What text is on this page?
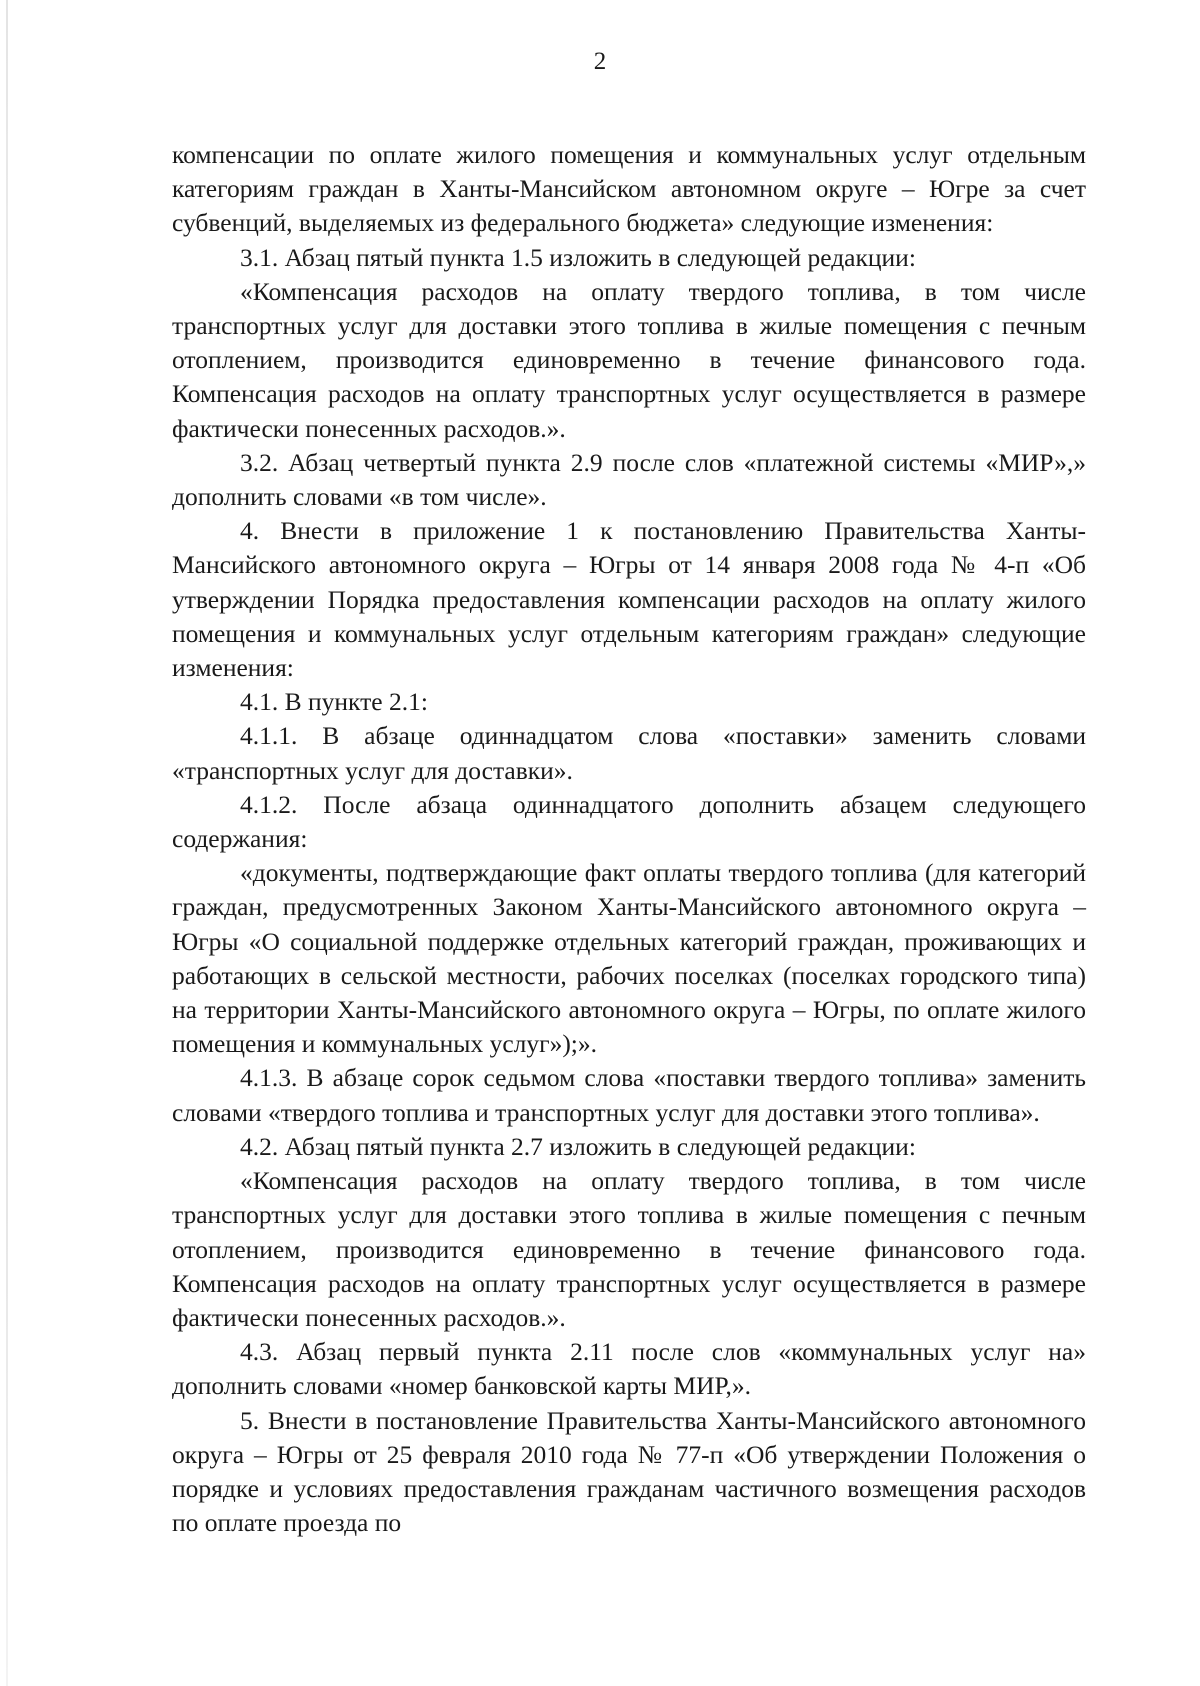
2

компенсации по оплате жилого помещения и коммунальных услуг отдельным категориям граждан в Ханты-Мансийском автономном округе – Югре за счет субвенций, выделяемых из федерального бюджета» следующие изменения:

3.1. Абзац пятый пункта 1.5 изложить в следующей редакции:

«Компенсация расходов на оплату твердого топлива, в том числе транспортных услуг для доставки этого топлива в жилые помещения с печным отоплением, производится единовременно в течение финансового года. Компенсация расходов на оплату транспортных услуг осуществляется в размере фактически понесенных расходов.».

3.2. Абзац четвертый пункта 2.9 после слов «платежной системы «МИР»,» дополнить словами «в том числе».

4. Внести в приложение 1 к постановлению Правительства Ханты-Мансийского автономного округа – Югры от 14 января 2008 года № 4-п «Об утверждении Порядка предоставления компенсации расходов на оплату жилого помещения и коммунальных услуг отдельным категориям граждан» следующие изменения:

4.1. В пункте 2.1:

4.1.1. В абзаце одиннадцатом слова «поставки» заменить словами «транспортных услуг для доставки».

4.1.2. После абзаца одиннадцатого дополнить абзацем следующего содержания:

«документы, подтверждающие факт оплаты твердого топлива (для категорий граждан, предусмотренных Законом Ханты-Мансийского автономного округа – Югры «О социальной поддержке отдельных категорий граждан, проживающих и работающих в сельской местности, рабочих поселках (поселках городского типа) на территории Ханты-Мансийского автономного округа – Югры, по оплате жилого помещения и коммунальных услуг»);».

4.1.3. В абзаце сорок седьмом слова «поставки твердого топлива» заменить словами «твердого топлива и транспортных услуг для доставки этого топлива».

4.2. Абзац пятый пункта 2.7 изложить в следующей редакции:

«Компенсация расходов на оплату твердого топлива, в том числе транспортных услуг для доставки этого топлива в жилые помещения с печным отоплением, производится единовременно в течение финансового года. Компенсация расходов на оплату транспортных услуг осуществляется в размере фактически понесенных расходов.».

4.3. Абзац первый пункта 2.11 после слов «коммунальных услуг на» дополнить словами «номер банковской карты МИР,».

5. Внести в постановление Правительства Ханты-Мансийского автономного округа – Югры от 25 февраля 2010 года № 77-п «Об утверждении Положения о порядке и условиях предоставления гражданам частичного возмещения расходов по оплате проезда по
